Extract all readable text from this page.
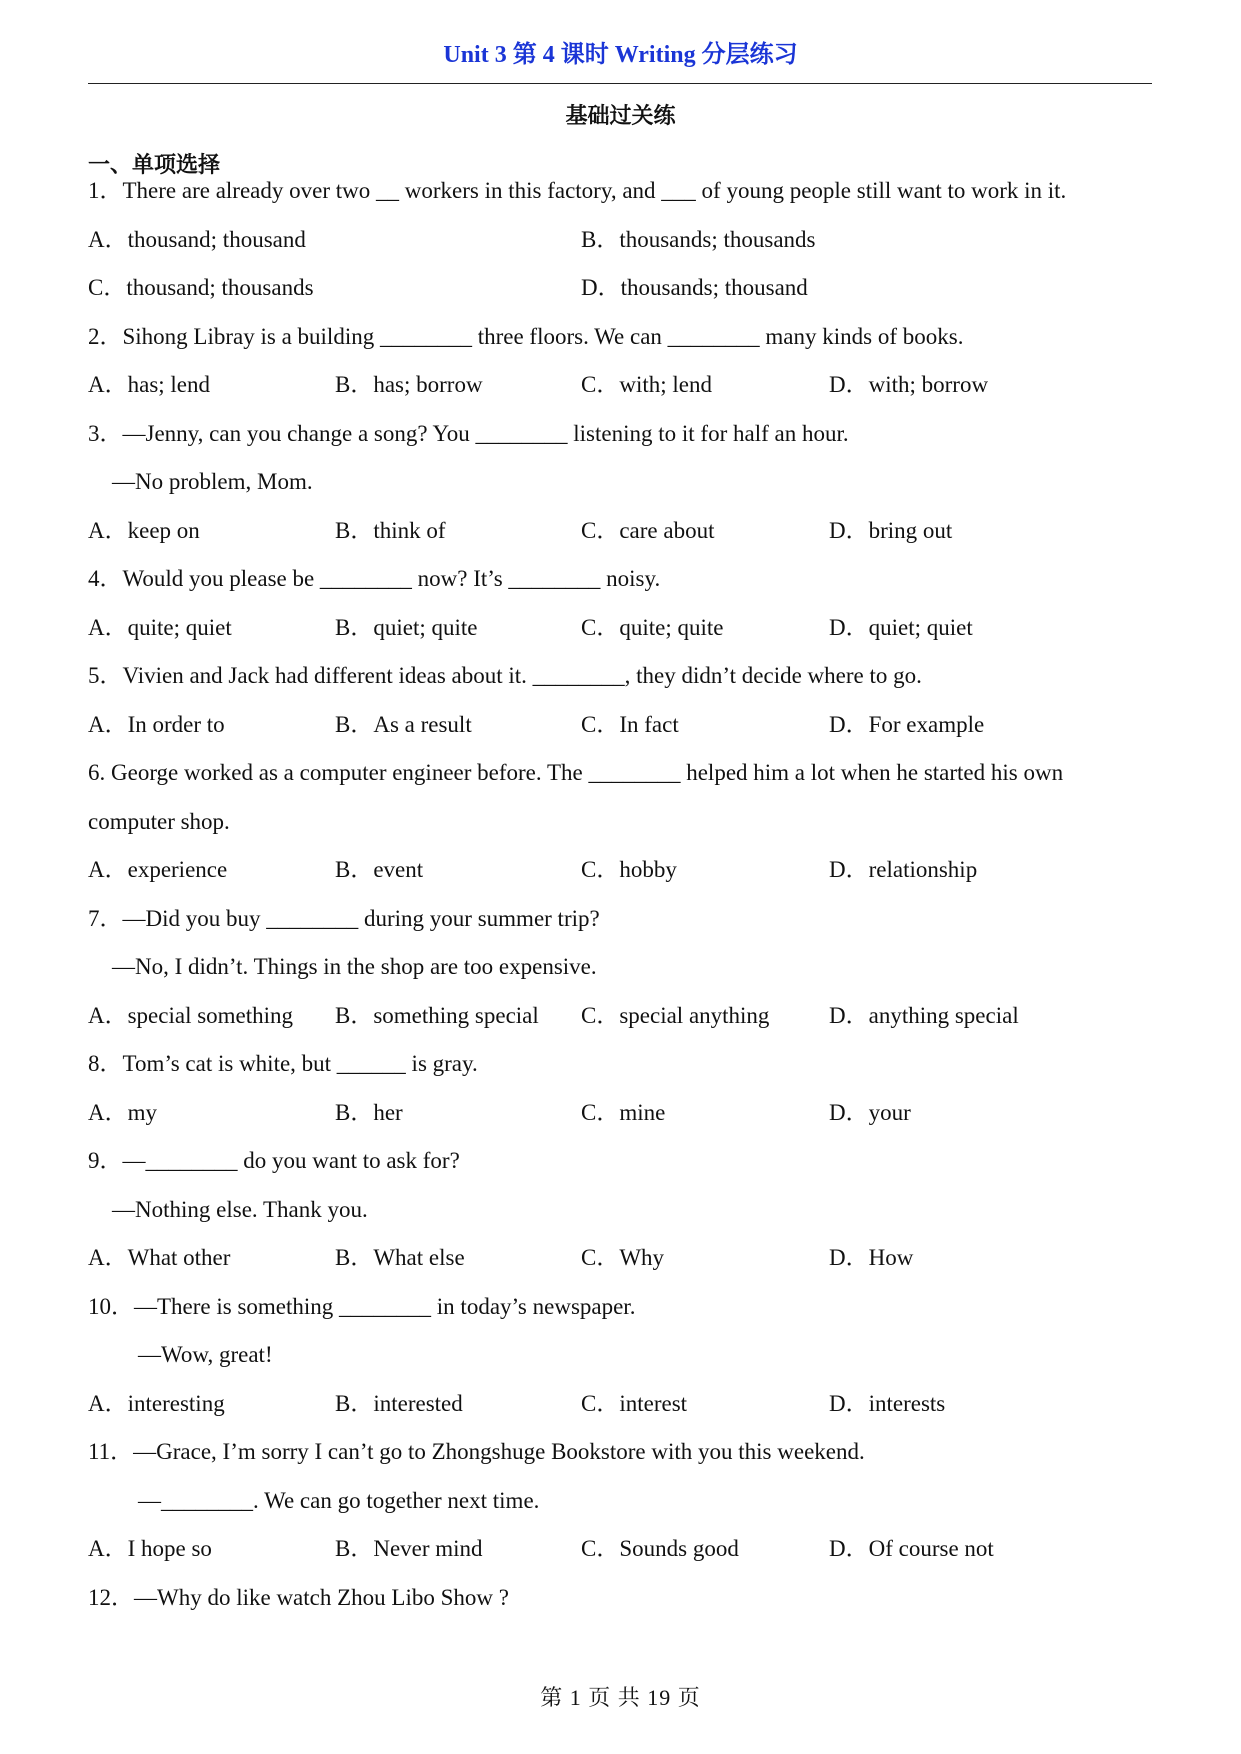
Unit 3 第 4 课时 Writing 分层练习
基础过关练
一、单项选择
1．There are already over two __ workers in this factory, and ___ of young people still want to work in it.
A．thousand; thousand	B．thousands; thousands
C．thousand; thousands	D．thousands; thousand
2．Sihong Libray is a building ________ three floors. We can ________ many kinds of books.
A．has; lend	B．has; borrow	C．with; lend	D．with; borrow
3．—Jenny, can you change a song? You ________ listening to it for half an hour.
—No problem, Mom.
A．keep on	B．think of	C．care about	D．bring out
4．Would you please be ________ now? It’s ________ noisy.
A．quite; quiet	B．quiet; quite	C．quite; quite	D．quiet; quiet
5．Vivien and Jack had different ideas about it. ________, they didn’t decide where to go.
A．In order to	B．As a result	C．In fact	D．For example
6. George worked as a computer engineer before. The ________ helped him a lot when he started his own
computer shop.
A．experience	B．event	C．hobby	D．relationship
7．—Did you buy ________ during your summer trip?
—No, I didn’t. Things in the shop are too expensive.
A．special something B．something special C．special anything	D．anything special
8．Tom’s cat is white, but ______ is gray.
A．my	B．her	C．mine	D．your
9．—________ do you want to ask for?
—Nothing else. Thank you.
A．What other	B．What else	C．Why	D．How
10．—There is something ________ in today’s newspaper.
—Wow, great!
A．interesting	B．interested	C．interest	D．interests
11．—Grace, I’m sorry I can’t go to Zhongshuge Bookstore with you this weekend.
—________. We can go together next time.
A．I hope so	B．Never mind	C．Sounds good	D．Of course not
12．—Why do like watch Zhou Libo Show ?
第 1 页 共 19 页
